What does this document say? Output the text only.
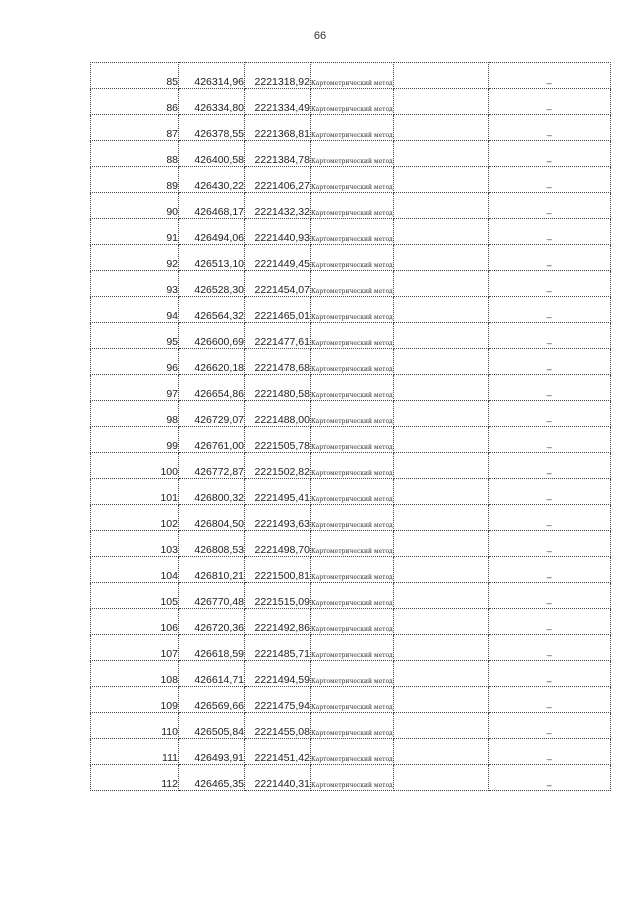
66
85	426314,96	2221318,92	Картометрический метод		–
86	426334,80	2221334,49	Картометрический метод		–
87	426378,55	2221368,81	Картометрический метод		–
88	426400,58	2221384,78	Картометрический метод		–
89	426430,22	2221406,27	Картометрический метод		–
90	426468,17	2221432,32	Картометрический метод		–
91	426494,06	2221440,93	Картометрический метод		–
92	426513,10	2221449,45	Картометрический метод		–
93	426528,30	2221454,07	Картометрический метод		–
94	426564,32	2221465,01	Картометрический метод		–
95	426600,69	2221477,61	Картометрический метод		–
96	426620,18	2221478,68	Картометрический метод		–
97	426654,86	2221480,58	Картометрический метод		–
98	426729,07	2221488,00	Картометрический метод		–
99	426761,00	2221505,78	Картометрический метод		–
100	426772,87	2221502,82	Картометрический метод		–
101	426800,32	2221495,41	Картометрический метод		–
102	426804,50	2221493,63	Картометрический метод		–
103	426808,53	2221498,70	Картометрический метод		–
104	426810,21	2221500,81	Картометрический метод		–
105	426770,48	2221515,09	Картометрический метод		–
106	426720,36	2221492,86	Картометрический метод		–
107	426618,59	2221485,71	Картометрический метод		–
108	426614,71	2221494,59	Картометрический метод		–
109	426569,66	2221475,94	Картометрический метод		–
110	426505,84	2221455,08	Картометрический метод		–
111	426493,91	2221451,42	Картометрический метод		–
112	426465,35	2221440,31	Картометрический метод		–
